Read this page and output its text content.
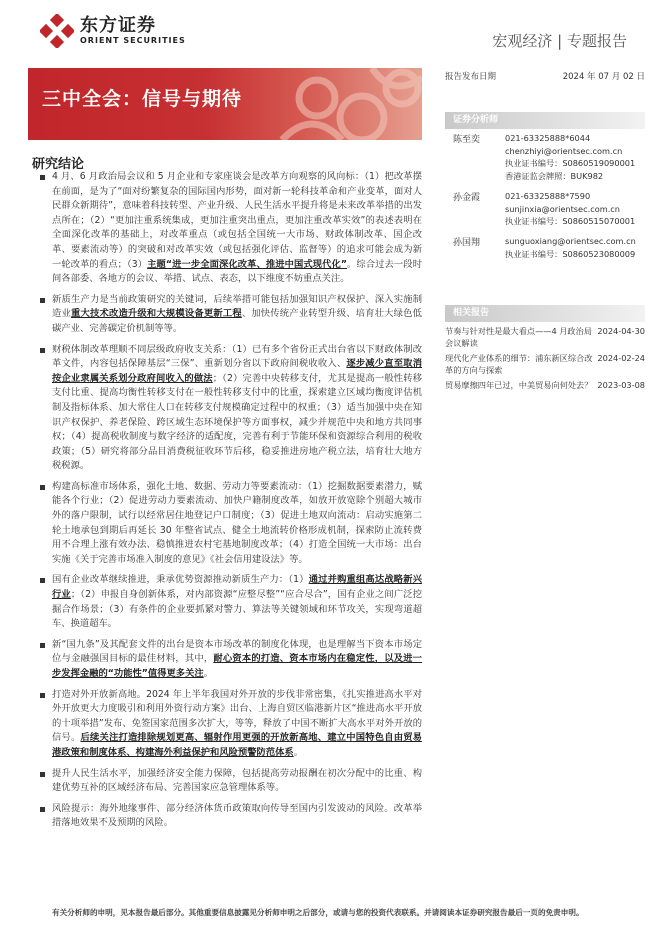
东方证券
ORIENT SECURITIES	宏观经济 | 专题报告
三中全会：信号与期待
报告发布日期	2024 年 07 月 02 日
证券分析师
陈至奕	021-63325888*6044
chenzhiyi@orientsec.com.cn
执业证书编号：S0860519090001
香港证监会牌照：BUK982
孙金霞	021-63325888*7590
sunjinxia@orientsec.com.cn
执业证书编号：S0860515070001
孙国翔	sunguoxiang@orientsec.com.cn
执业证书编号：S0860523080009
相关报告
节奏与针对性是最大看点——4 月政治局会议解读
2024-04-30
现代化产业体系的细节：浦东新区综合改革的方向与探索
2024-02-24
贸易摩擦四年已过，中美贸易向何处去？ 2023-03-08
研究结论
4 月、6 月政治局会议和 5 月企业和专家座谈会是改革方向观察的风向标：（1）把改革摆在前面，是为了“面对纷繁复杂的国际国内形势，面对新一轮科技革命和产业变革，面对人民群众新期待”，意味着科技转型、产业升级、人民生活水平提升将是未来改革举措的出发点所在；（2）“更加注重系统集成，更加注重突出重点，更加注重改革实效”的表述表明在全面深化改革的基础上，对改革重点（或包括全国统一大市场、财政体制改革、国企改革、要素流动等）的突破和对改革实效（或包括强化评估、监督等）的追求可能会成为新一轮改革的看点；（3）主题“进一步全面深化改革、推进中国式现代化”。综合过去一段时间各部委、各地方的会议、举措、试点、表态，以下维度不妨重点关注。
新质生产力是当前政策研究的关键词，后续举措可能包括加强知识产权保护、深入实施制造业重大技术改造升级和大规模设备更新工程、加快传统产业转型升级、培育壮大绿色低碳产业、完善碳定价机制等等。
财税体制改革理顺不同层级政府收支关系：（1）已有多个省份正式出台省以下财政体制改革文件，内容包括保障基层“三保”、重新划分省以下政府间税收收入、逐步减少直至取消按企业隶属关系划分政府间收入的做法；（2）完善中央转移支付，尤其是提高一般性转移支付比重、提高均衡性转移支付在一般性转移支付中的比重，探索建立区域均衡度评估机制及指标体系、加大常住人口在转移支付规模确定过程中的权重；（3）适当加强中央在知识产权保护、养老保险、跨区域生态环境保护等方面事权，减少并规范中央和地方共同事权；（4）提高税收制度与数字经济的适配度，完善有利于节能环保和资源综合利用的税收政策；（5）研究将部分品目消费税征收环节后移，稳妥推进房地产税立法，培育壮大地方税税源。
构建高标准市场体系，强化土地、数据、劳动力等要素流动：（1）挖掘数据要素潜力，赋能各个行业；（2）促进劳动力要素流动、加快户籍制度改革，如放开放宽除个别超大城市外的落户限制，试行以经常居住地登记户口制度；（3）促进土地双向流动：启动实施第二轮土地承包到期后再延长 30 年整省试点、健全土地流转价格形成机制，探索防止流转费用不合理上涨有效办法、稳慎推进农村宅基地制度改革；（4）打造全国统一大市场：出台实施《关于完善市场准入制度的意见》《社会信用建设法》等。
国有企业改革继续推进，秉承优势资源推动新质生产力：（1）通过并购重组高达战略新兴行业；（2）申报自身创新体系，对内部资源“应整尽整”“应合尽合”，国有企业之间广泛挖掘合作场景；（3）有条件的企业要抓紧对警力、算法等关键领域和环节攻关，实现弯道超车、换道超车。
新“国九条”及其配套文件的出台是资本市场改革的制度化体现，也是理解当下资本市场定位与金融强国目标的最佳材料，其中，耐心资本的打造、资本市场内在稳定性，以及进一步发挥金融的“功能性”值得更多关注。
打造对外开放新高地。2024 年上半年我国对外开放的步伐非常密集，《扎实推进高水平对外开放更大力度吸引和利用外资行动方案》出台、上海自贸区临港新片区“推进高水平开放的十项举措”发布、免签国家范围多次扩大，等等，释放了中国不断扩大高水平对外开放的信号。后续关注打造排除规划更高、辐射作用更强的开放新高地、建立中国特色自由贸易港政策和制度体系、构建海外利益保护和风险预警防范体系。
提升人民生活水平，加强经济安全能力保障，包括提高劳动报酬在初次分配中的比重、构建优势互补的区域经济布局、完善国家应急管理体系等。
风险提示：海外地缘事件、部分经济体货币政策取向传导至国内引发波动的风险。改革举措落地效果不及预期的风险。
有关分析师的申明，见本报告最后部分。其他重要信息披露见分析师申明之后部分，或请与您的投资代表联系。并请阅读本证券研究报告最后一页的免责申明。
